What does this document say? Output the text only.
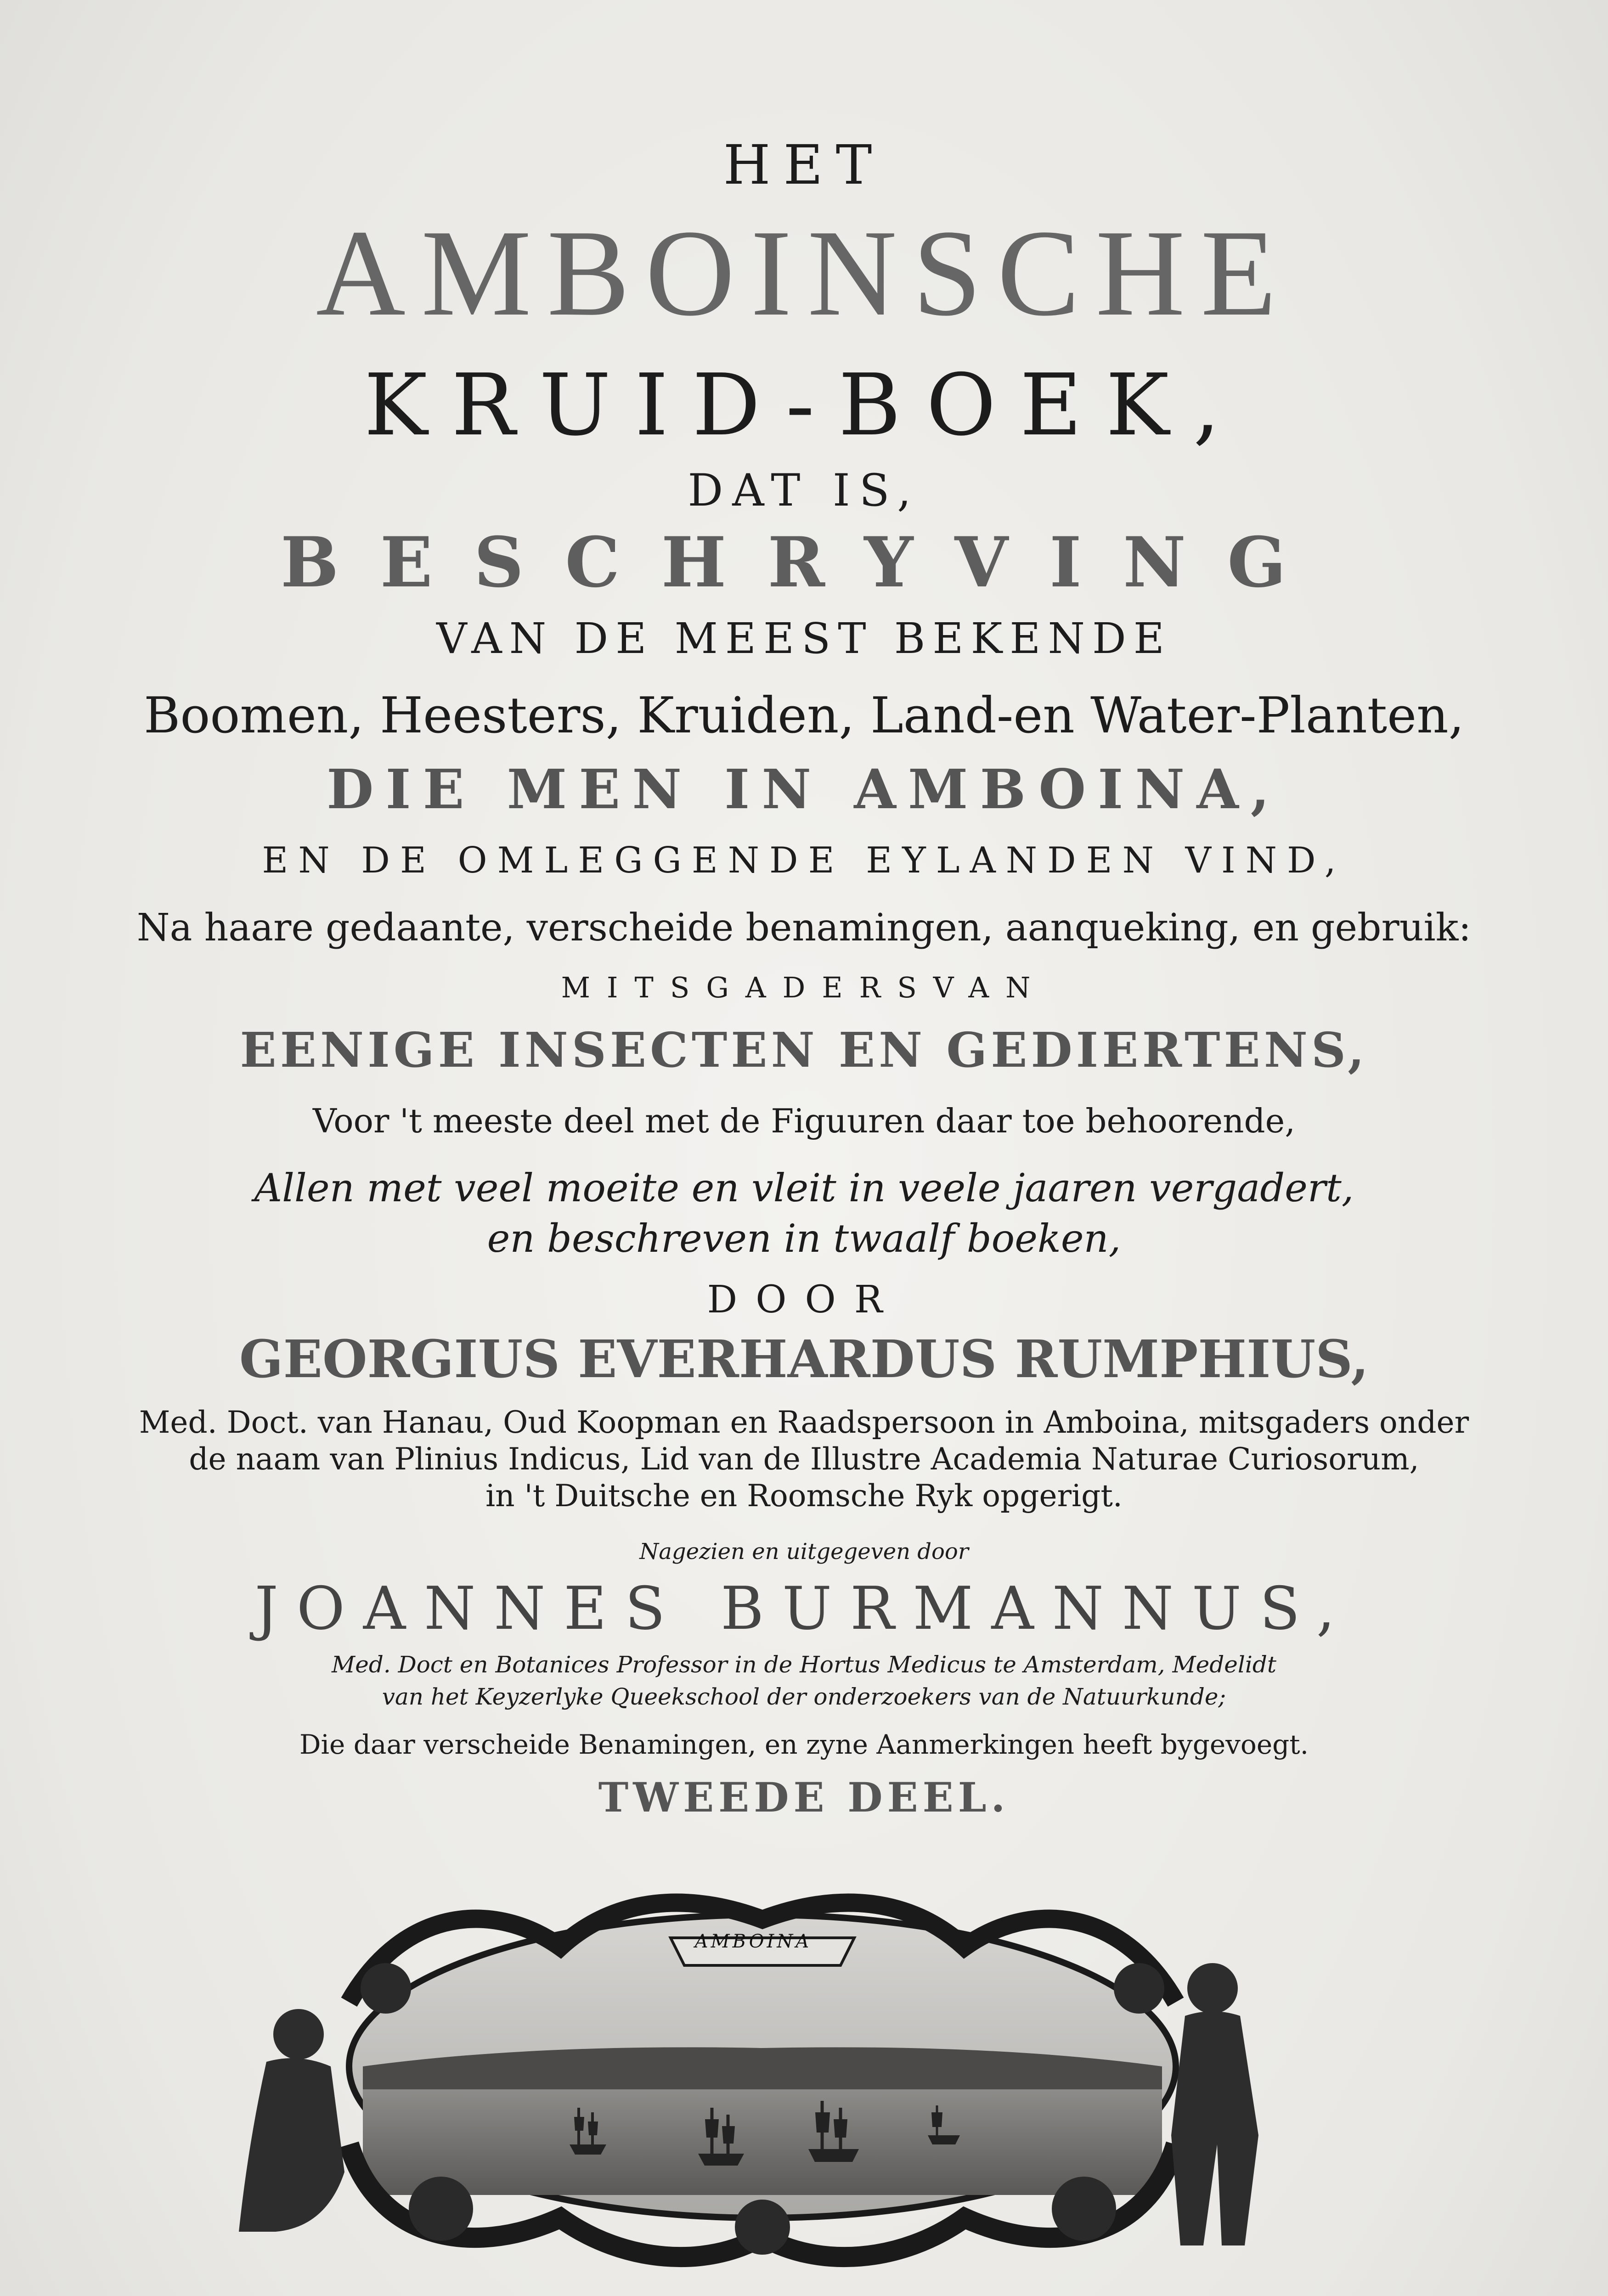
HET
AMBOINSCHE
KRUID-BOEK,
DAT IS,
BESCHRYVING
VAN DE MEEST BEKENDE
Boomen, Heesters, Kruiden, Land-en Water-Planten,
DIE MEN IN AMBOINA,
EN DE OMLEGGENDE EYLANDEN VIND,
Na haare gedaante, verscheide benamingen, aanqueking, en gebruik:
MITSGADERSVAN
EENIGE INSECTEN EN GEDIERTENS,
Voor 't meeste deel met de Figuuren daar toe behoorende,
Allen met veel moeite en vleit in veele jaaren vergadert,
en beschreven in twaalf boeken,
DOOR
GEORGIUS EVERHARDUS RUMPHIUS,
Med. Doct. van Hanau, Oud Koopman en Raadspersoon in Amboina, mitsgaders onder
de naam van Plinius Indicus, Lid van de Illustre Academia Naturae Curiosorum,
in 't Duitsche en Roomsche Ryk opgerigt.
Nagezien en uitgegeven door
JOANNES BURMANNUS,
Med. Doct en Botanices Professor in de Hortus Medicus te Amsterdam, Medelidt
van het Keyzerlyke Queekschool der onderzoekers van de Natuurkunde;
Die daar verscheide Benamingen, en zyne Aanmerkingen heeft bygevoegt.
TWEEDE DEEL.
AMBOINA
